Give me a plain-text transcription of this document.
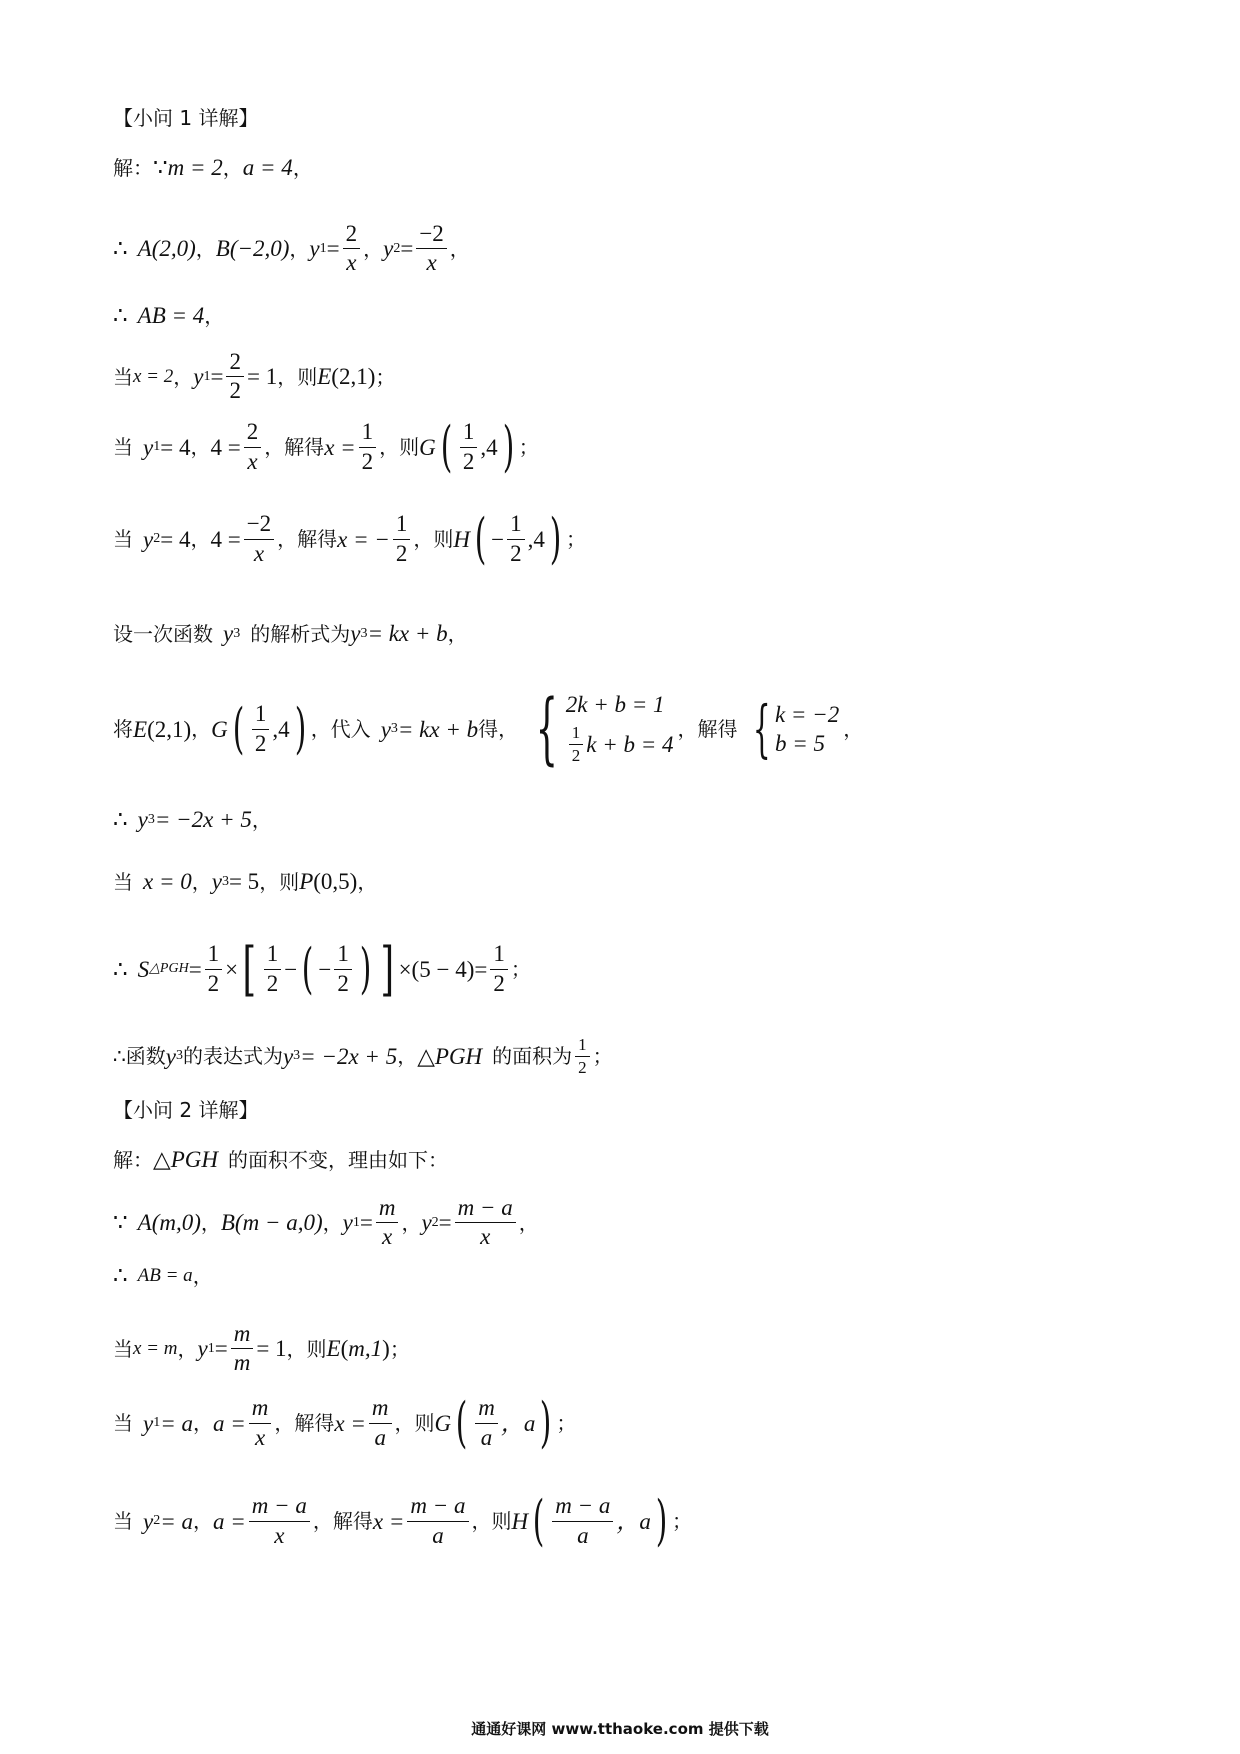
【小问 1 详解】
解： ∵ m = 2 ， a = 4 ，
∴ A(2,0) ， B(−2,0) ， y $1 = \frac{2}{x}$ ， y $2 = \frac{-2}{x}$ ，
∴ AB = 4 ，
当 x = 2 ， y $1 = \frac{2}{2} = 1$ ，则 E ( 2,1 ) ；
当 y 1 = 4 ， $4 = \frac{2}{x}$ ，解得 $x = \frac{1}{2}$ ，则 G ( $\frac{1}{2} ,4$ ) ；
当 y 2 = 4 ， $4 = \frac{-2}{x}$ ，解得 x = − $\frac{1}{2}$ ，则 H ( − $\frac{1}{2} ,4$ ) ；
设一次函数 y 3 的解析式为 y 3 = kx + b ，
将 E ( 2,1 ) ， G ( $\frac{1}{2} ,4$ ) ，代入 y 3 = kx + b 得， { 2k + b = 1
$\frac{1}{2}$ k + b = 4
，解得 { k = −2
b = 5
，
∴ y 3 = −2x + 5 ，
当 x = 0 ， y 3 = 5 ，则 P ( 0,5 ) ，
∴ S △PGH = $\frac{1}{2}$ × [ $\frac{1}{2}$ − ( − $\frac{1}{2}$ ) ] × ( 5 − 4 ) = $\frac{1}{2}$ ；
∴函数 y 3 的表达式为 y 3 = −2x + 5 ， △PGH 的面积为 $\frac{1}{2}$ ；
【小问 2 详解】
解： △PGH 的面积不变，理由如下：
∵ A(m,0) ， B(m − a,0) ， y $1 = \frac{m}{x}$ ， y $2 = \frac{m - a}{x}$ ，
∴ AB = a ，
当 x = m ， y $1 = \frac{m}{m} = 1$ ，则 E ( m,1 ) ；
当 y 1 = a ， $a = \frac{m}{x}$ ，解得 $x = \frac{m}{a}$ ，则 G ( $\frac{m}{a}$ ，a ) ；
当 y 2 = a ， $a = \frac{m - a}{x}$ ，解得 $x = \frac{m - a}{a}$ ，则 H ( $\frac{m - a}{a}$ ，a ) ；
通通好课网 www.tthaoke.com 提供下载
